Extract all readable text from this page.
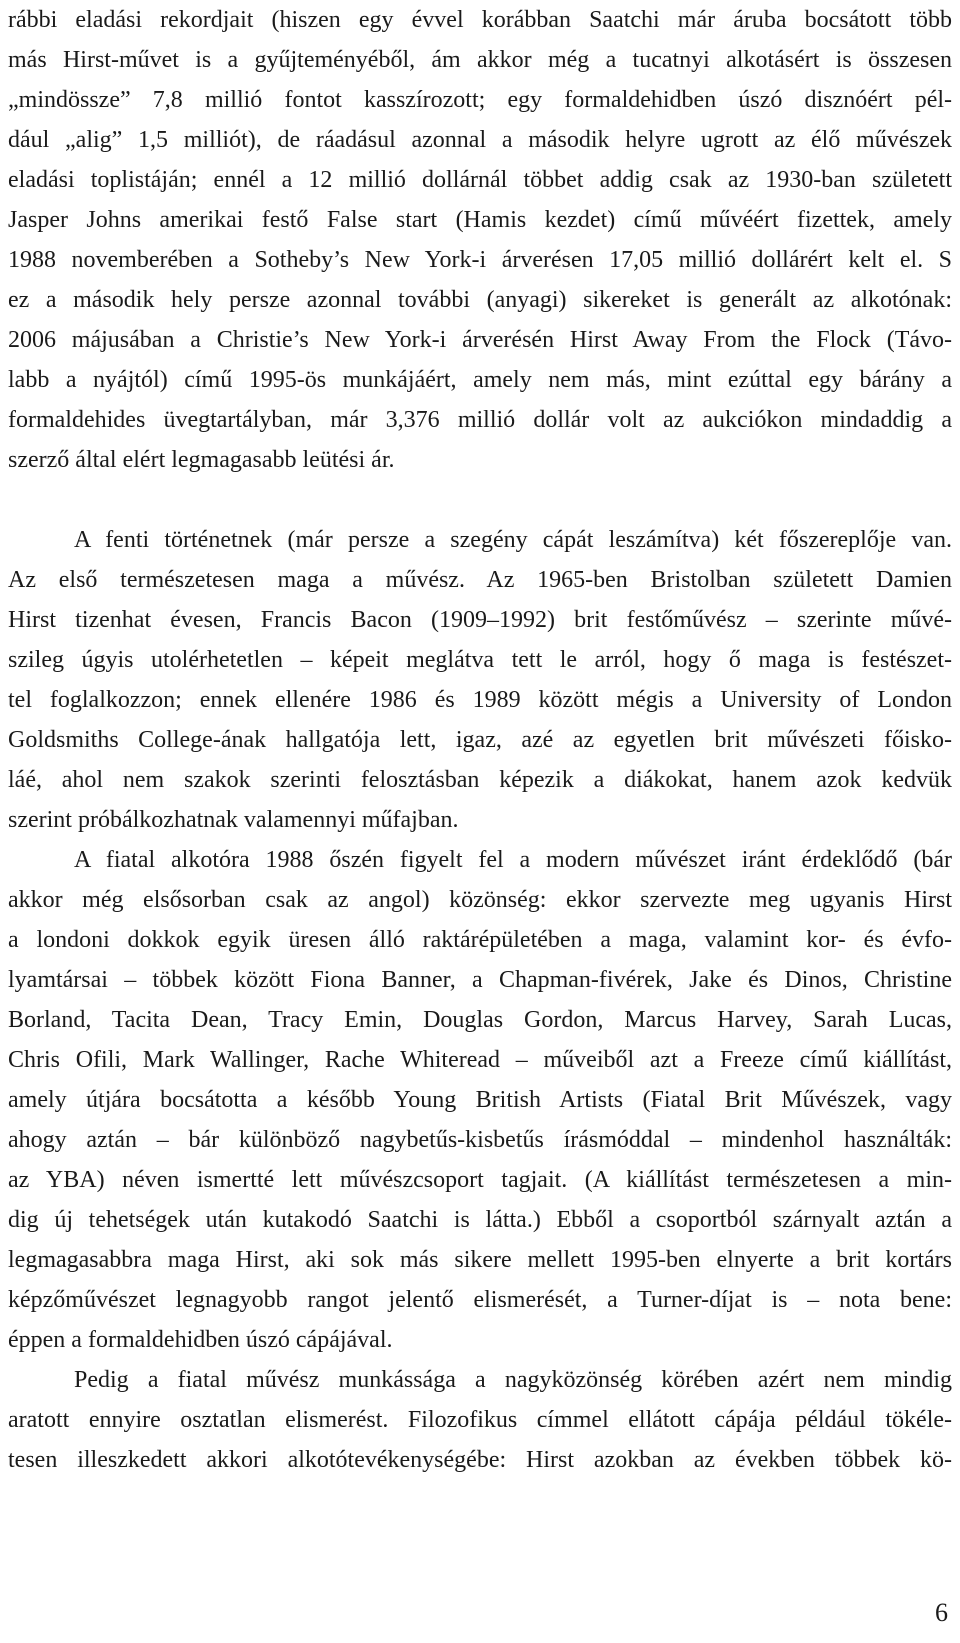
rábbi eladási rekordjait (hiszen egy évvel korábban Saatchi már áruba bocsátott több
más Hirst-művet is a gyűjteményéből, ám akkor még a tucatnyi alkotásért is összesen
„mindössze” 7,8 millió fontot kasszírozott; egy formaldehidben úszó disznóért pél-
dául „alig” 1,5 milliót), de ráadásul azonnal a második helyre ugrott az élő művészek
eladási toplistáján; ennél a 12 millió dollárnál többet addig csak az 1930-ban született
Jasper Johns amerikai festő False start (Hamis kezdet) című művéért fizettek, amely
1988 novemberében a Sotheby’s New York-i árverésen 17,05 millió dollárért kelt el. S
ez a második hely persze azonnal további (anyagi) sikereket is generált az alkotónak:
2006 májusában a Christie’s New York-i árverésén Hirst Away From the Flock (Távo-
labb a nyájtól) című 1995-ös munkájáért, amely nem más, mint ezúttal egy bárány a
formaldehides üvegtartályban, már 3,376 millió dollár volt az aukciókon mindaddig a
szerző által elért legmagasabb leütési ár.
A fenti történetnek (már persze a szegény cápát leszámítva) két főszereplője van.
Az első természetesen maga a művész. Az 1965-ben Bristolban született Damien
Hirst tizenhat évesen, Francis Bacon (1909–1992) brit festőművész – szerinte művé-
szileg úgyis utolérhetetlen – képeit meglátva tett le arról, hogy ő maga is festészet-
tel foglalkozzon; ennek ellenére 1986 és 1989 között mégis a University of London
Goldsmiths College-ának hallgatója lett, igaz, azé az egyetlen brit művészeti főisko-
láé, ahol nem szakok szerinti felosztásban képezik a diákokat, hanem azok kedvük
szerint próbálkozhatnak valamennyi műfajban.
A fiatal alkotóra 1988 őszén figyelt fel a modern művészet iránt érdeklődő (bár
akkor még elsősorban csak az angol) közönség: ekkor szervezte meg ugyanis Hirst
a londoni dokkok egyik üresen álló raktárépületében a maga, valamint kor- és évfo-
lyamtársai – többek között Fiona Banner, a Chapman-fivérek, Jake és Dinos, Christine
Borland, Tacita Dean, Tracy Emin, Douglas Gordon, Marcus Harvey, Sarah Lucas,
Chris Ofili, Mark Wallinger, Rache Whiteread – műveiből azt a Freeze című kiállítást,
amely útjára bocsátotta a később Young British Artists (Fiatal Brit Művészek, vagy
ahogy aztán – bár különböző nagybetűs-kisbetűs írásmóddal – mindenhol használták:
az YBA) néven ismertté lett művészcsoport tagjait. (A kiállítást természetesen a min-
dig új tehetségek után kutakodó Saatchi is látta.) Ebből a csoportból szárnyalt aztán a
legmagasabbra maga Hirst, aki sok más sikere mellett 1995-ben elnyerte a brit kortárs
képzőművészet legnagyobb rangot jelentő elismerését, a Turner-díjat is – nota bene:
éppen a formaldehidben úszó cápájával.
Pedig a fiatal művész munkássága a nagyközönség körében azért nem mindig
aratott ennyire osztatlan elismerést. Filozofikus címmel ellátott cápája például tökéle-
tesen illeszkedett akkori alkotótevékenységébe: Hirst azokban az években többek kö-
6
